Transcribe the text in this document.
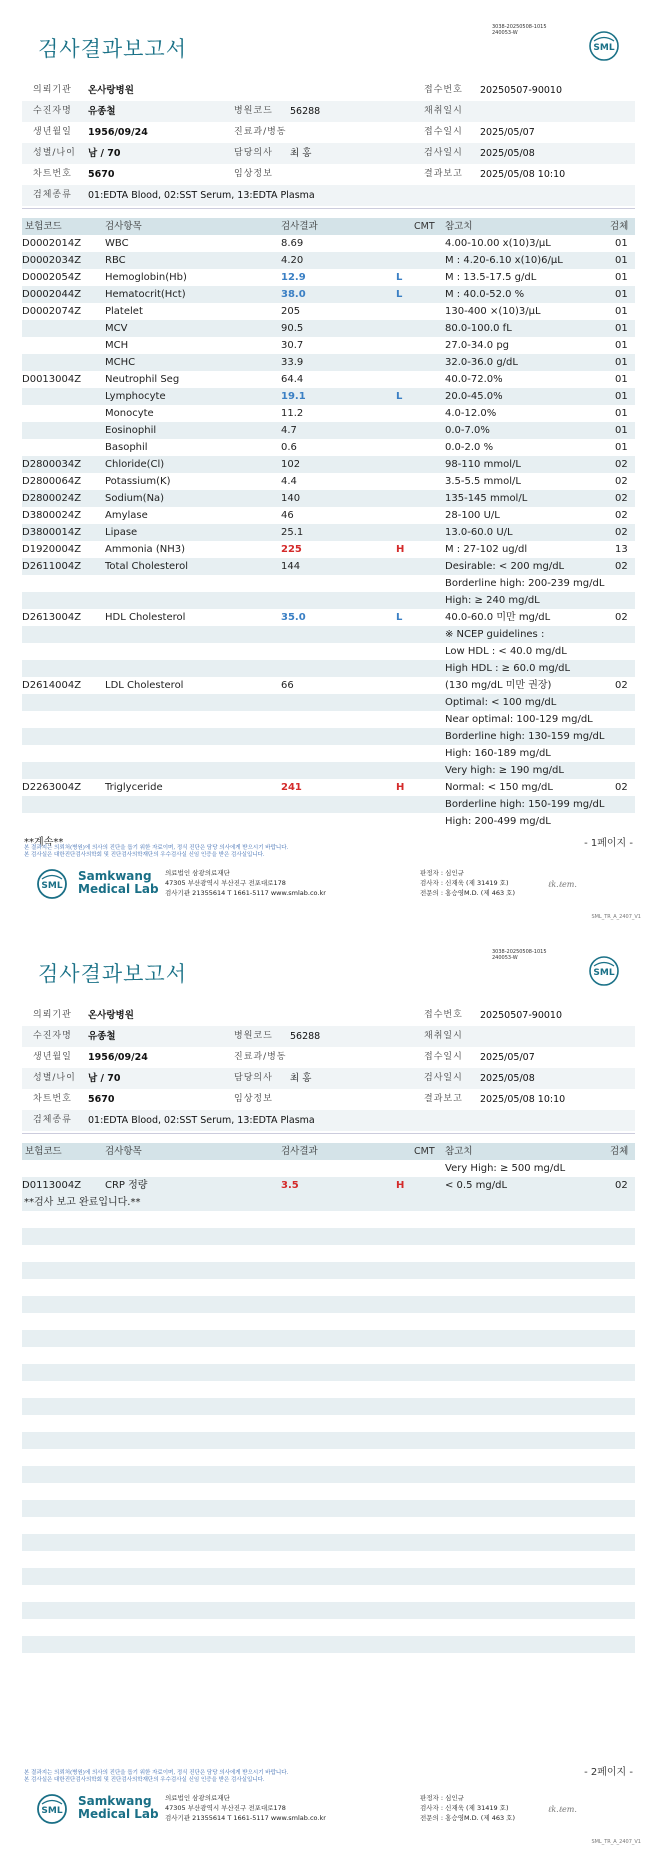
3038-20250508-1015
240053-W
검사결과보고서	SML
의뢰기관 온사랑병원	접수번호 20250507-90010
수진자명 유종철	병원코드 56288	채취일시
생년월일 1956/09/24	진료과/병동	접수일시 2025/05/07
성별/나이 남 / 70	담당의사 최 홍	검사일시 2025/05/08
차트번호 5670	임상정보	결과보고 2025/05/08 10:10
검체종류 01:EDTA Blood, 02:SST Serum, 13:EDTA Plasma
보험코드	검사항목	검사결과	CMT 참고치	검체
D0002014Z WBC	8.69	4.00-10.00 x(10)3/μL	01
D0002034Z RBC	4.20	M : 4.20-6.10 x(10)6/μL	01
D0002054Z Hemoglobin(Hb)	12.9	L	M : 13.5-17.5 g/dL	01
D0002044Z Hematocrit(Hct)	38.0	L	M : 40.0-52.0 %	01
D0002074Z Platelet	205	130-400 ×(10)3/μL	01
MCV	90.5	80.0-100.0 fL	01
MCH	30.7	27.0-34.0 pg	01
MCHC	33.9	32.0-36.0 g/dL	01
D0013004Z Neutrophil Seg	64.4	40.0-72.0%	01
Lymphocyte	19.1	L	20.0-45.0%	01
Monocyte	11.2	4.0-12.0%	01
Eosinophil	4.7	0.0-7.0%	01
Basophil	0.6	0.0-2.0 %	01
D2800034Z Chloride(Cl)	102	98-110 mmol/L	02
D2800064Z Potassium(K)	4.4	3.5-5.5 mmol/L	02
D2800024Z Sodium(Na)	140	135-145 mmol/L	02
D3800024Z Amylase	46	28-100 U/L	02
D3800014Z Lipase	25.1	13.0-60.0 U/L	02
D1920004Z Ammonia (NH3)	225	H	M : 27-102 ug/dl	13
D2611004Z Total Cholesterol	144	Desirable: < 200 mg/dL	02
Borderline high: 200-239 mg/dL
High: ≥ 240 mg/dL
D2613004Z HDL Cholesterol	35.0	L	40.0-60.0 미만 mg/dL	02
※ NCEP guidelines :
Low HDL : < 40.0 mg/dL
High HDL : ≥ 60.0 mg/dL
D2614004Z LDL Cholesterol	66	(130 mg/dL 미만 권장)	02
Optimal: < 100 mg/dL
Near optimal: 100-129 mg/dL
Borderline high: 130-159 mg/dL
High: 160-189 mg/dL
Very high: ≥ 190 mg/dL
D2263004Z Triglyceride	241	H	Normal: < 150 mg/dL	02
Borderline high: 150-199 mg/dL
High: 200-499 mg/dL
**계속**	- 1페이지 -
본 결과지는 의뢰처(병원)에 의사의 진단을 돕기 위한 자료이며, 정식 진단은 담당 의사에게 받으시기 바랍니다.
본 검사실은 대한진단검사의학회 및 진단검사의학재단의 우수검사실 신임 인증을 받은 검사실입니다.
SML
Samkwang
Medical Lab
의료법인 삼광의료재단
47305 부산광역시 부산진구 전포대로178
검사기관 21355614 T 1661-5117 www.smlab.co.kr
판정자 : 심인규
검사자 : 신재욱 (제 31419 호)
전문의 : 홍승영M.D. (제 463 호)
ℓk.ℓem.
SML_TR_A_2407_V1
3038-20250508-1015
240053-W
검사결과보고서	SML
의뢰기관 온사랑병원	접수번호 20250507-90010
수진자명 유종철	병원코드 56288	채취일시
생년월일 1956/09/24	진료과/병동	접수일시 2025/05/07
성별/나이 남 / 70	담당의사 최 홍	검사일시 2025/05/08
차트번호 5670	임상정보	결과보고 2025/05/08 10:10
검체종류 01:EDTA Blood, 02:SST Serum, 13:EDTA Plasma
보험코드	검사항목	검사결과	CMT 참고치	검체
Very High: ≥ 500 mg/dL
D0113004Z CRP 정량	3.5	H	< 0.5 mg/dL	02
**검사 보고 완료입니다.**
- 2페이지 -
본 결과지는 의뢰처(병원)에 의사의 진단을 돕기 위한 자료이며, 정식 진단은 담당 의사에게 받으시기 바랍니다.
본 검사실은 대한진단검사의학회 및 진단검사의학재단의 우수검사실 신임 인증을 받은 검사실입니다.
SML
Samkwang
Medical Lab
의료법인 삼광의료재단
47305 부산광역시 부산진구 전포대로178
검사기관 21355614 T 1661-5117 www.smlab.co.kr
판정자 : 심인규
검사자 : 신재욱 (제 31419 호)
전문의 : 홍승영M.D. (제 463 호)
ℓk.ℓem.
SML_TR_A_2407_V1
